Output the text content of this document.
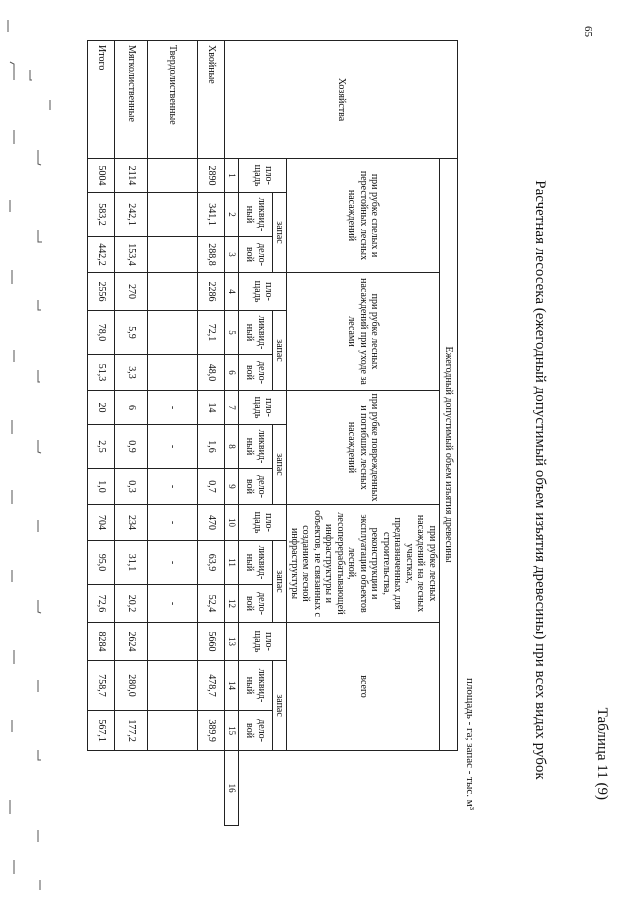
65
Таблица 11 (9)
Расчетная лесосека (ежегодный допустимый объем изъятия древесины) при всех видах рубок
площадь - га; запас - тыс. м³
Хозяйства	Ежегодный допустимый объем изъятия древесины															
	при рубке спелых и перестойных лесных насаждений			при рубке лесных насаждений при уходе за лесами			при рубке поврежденных и погибших лесных насаждений			при рубке лесных насаждений на лесных участках, предназначенных для строительства, реконструкции и эксплуатации объектов лесной, лесоперерабатывающей инфраструктуры и объектов, не связанных с созданием лесной инфраструктуры			всего			
	пло-щадь	запас		пло-щадь	запас		пло-щадь	запас		пло-щадь	запас		пло-щадь	запас		
		ликвид-ный	дело-вой		ликвид-ный	дело-вой		ликвид-ный	дело-вой		ликвид-ный	дело-вой		ликвид-ный	дело-вой	
	1	2	3	4	5	6	7	8	9	10	11	12	13	14	15	16
Хвойные	2890	341,1	288,8	2286	72,1	48,0	14	1,6	0,7	470	63,9	52,4	5660	478,7	389,9	
Твердолиственные							-	-	-	-	-	-				
Мягколиственные	2114	242,1	153,4	270	5,9	3,3	6	0,9	0,3	234	31,1	20,2	2624	280,0	177,2	
Итого	5004	583,2	442,2	2556	78,0	51,3	20	2,5	1,0	704	95,0	72,6	8284	758,7	567,1	
